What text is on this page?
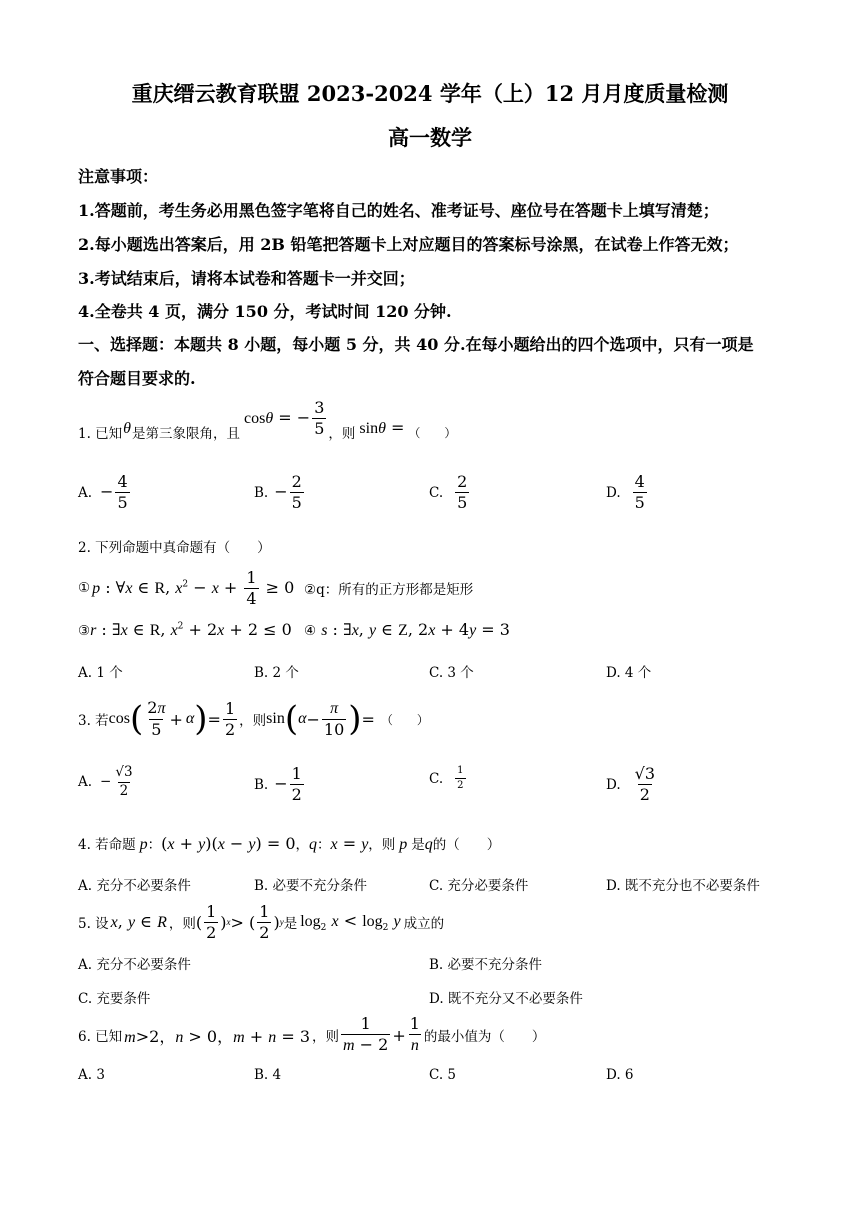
重庆缙云教育联盟 2023-2024 学年（上）12 月月度质量检测
高一数学
注意事项：
1.答题前，考生务必用黑色签字笔将自己的姓名、准考证号、座位号在答题卡上填写清楚；
2.每小题选出答案后，用 2B 铅笔把答题卡上对应题目的答案标号涂黑，在试卷上作答无效；
3.考试结束后，请将本试卷和答题卡一并交回；
4.全卷共 4 页，满分 150 分，考试时间 120 分钟.
一、选择题：本题共 8 小题，每小题 5 分，共 40 分.在每小题给出的四个选项中，只有一项是
符合题目要求的.
1. 已知 θ 是第三象限角，且
cosθ = − $\frac{3}{5}$ ，则 sinθ = （　　）
A. − $\frac{4}{5}$	B. − $\frac{2}{5}$	C. $\frac{2}{5}$	D. $\frac{4}{5}$
2. 下列命题中真命题有（　　）
① p : ∀x ∈ R, $x^2 - x + \frac{1}{4} \ge 0$ ②q：所有的正方形都是矩形
③r : ∃x ∈ R, $x^2 + 2x + 2 \le 0$ ④ s : ∃x, y ∈ Z, 2x + 4y = 3
A. 1 个	B. 2 个	C. 3 个	D. 4 个
3. 若 cos ( $\frac{2\pi}{5} + \alpha$ ) = $\frac{1}{2}$ ，则 sin ( $\alpha - \frac{\pi}{10}$ ) = （　　）
A. − $\frac{√3}{2}$	B. − $\frac{1}{2}$	C. $\frac{1}{2}$	D. $\frac{√3}{2}$
4. 若命题 p：(x + y)(x − y) = 0，q：x = y，则 p 是q的（　　）
A. 充分不必要条件	B. 必要不充分条件	C. 充分必要条件	D. 既不充分也不必要条件
5. 设 x, y ∈ R ，则 ( $\frac{1}{2}$ ) x > ( $\frac{1}{2}$ ) y 是 $\log_2 x < \log_2 y$ 成立的
A. 充分不必要条件	B. 必要不充分条件
C. 充要条件	D. 既不充分又不必要条件
6. 已知 m>2，n > 0，m + n = 3 ，则 $\frac{1}{m - 2} + \frac{1}{n}$ 的最小值为（　　）
A. 3	B. 4	C. 5	D. 6
